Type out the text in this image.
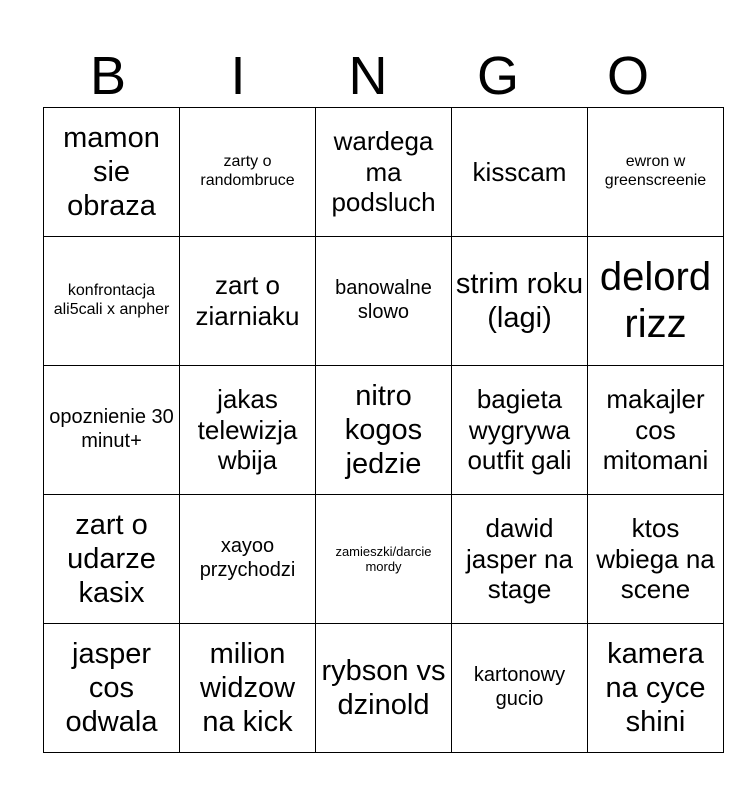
B	I	N	G	O
mamon sie obraza	zarty o randombruce	wardega ma podsluch	kisscam	ewron w greenscreenie
konfrontacja ali5cali x anpher	zart o ziarniaku	banowalne slowo	strim roku (lagi)	delord rizz
opoznienie 30 minut+	jakas telewizja wbija	nitro kogos jedzie	bagieta wygrywa outfit gali	makajler cos mitomani
zart o udarze kasix	xayoo przychodzi	zamieszki/darcie mordy	dawid jasper na stage	ktos wbiega na scene
jasper cos odwala	milion widzow na kick	rybson vs dzinold	kartonowy gucio	kamera na cyce shini
